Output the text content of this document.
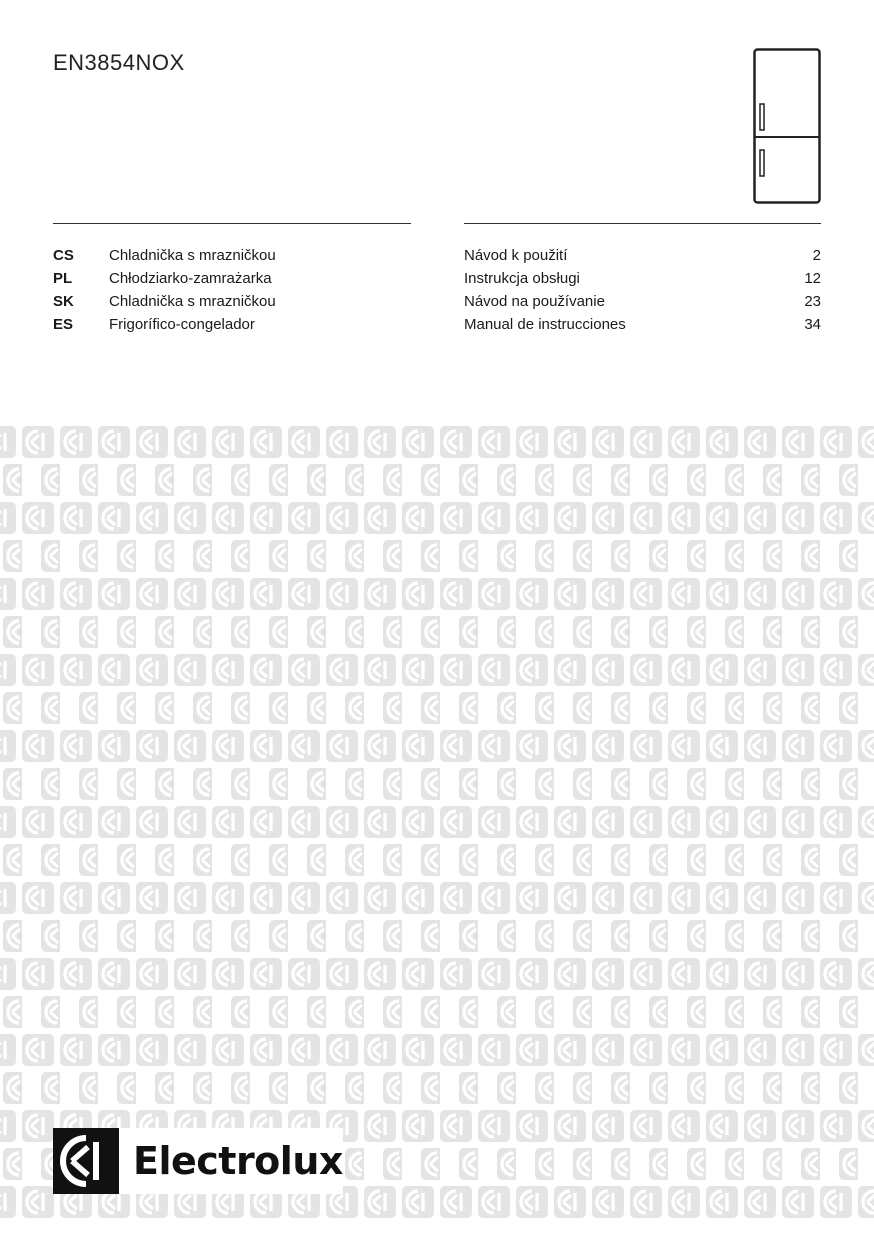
EN3854NOX
CS Chladnička s mrazničkou	Návod k použití	2
PL Chłodziarko-zamrażarka	Instrukcja obsługi	12
SK Chladnička s mrazničkou	Návod na používanie	23
ES Frigorífico-congelador	Manual de instrucciones	34
Electrolux
